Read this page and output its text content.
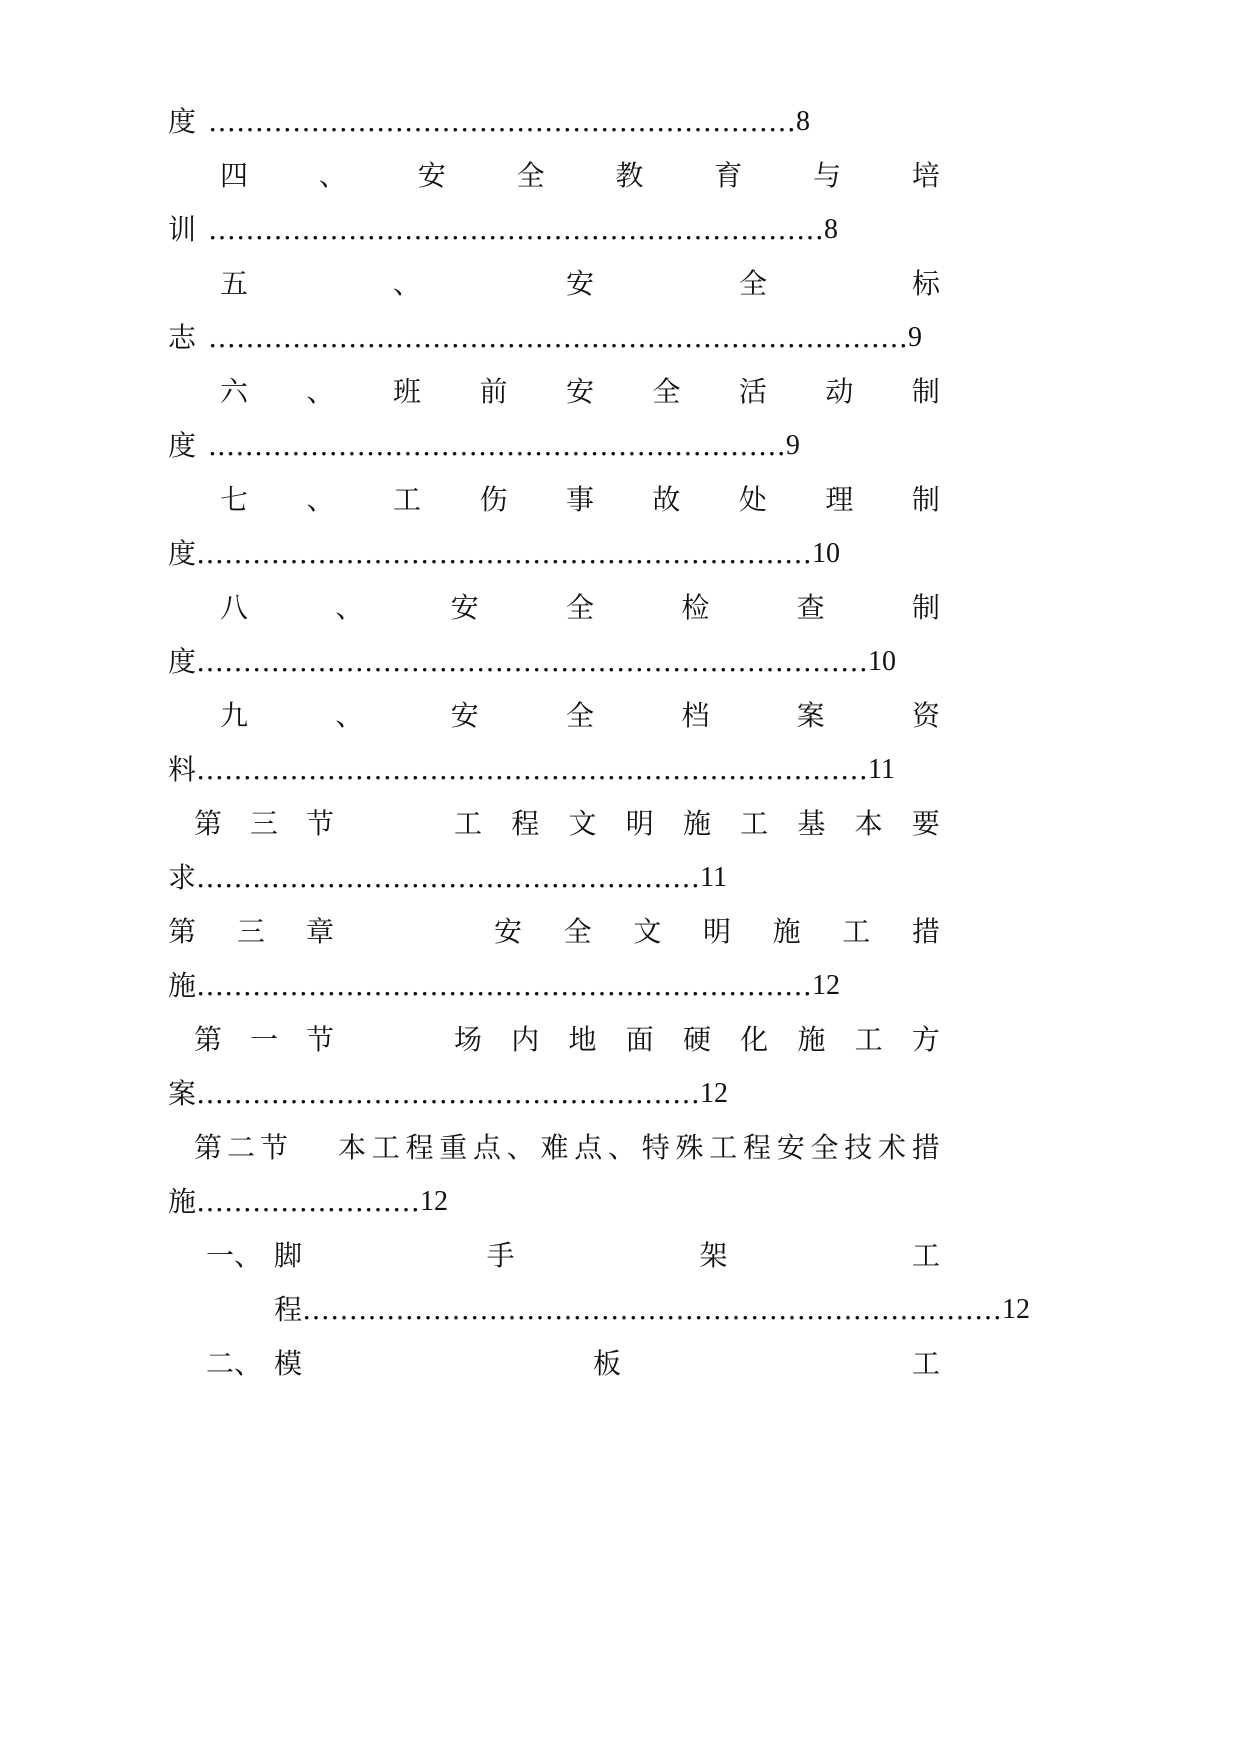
度 ……………………………………………………… 8
四	、	安	全	教	育	与	培
训 ………………………………………………………… 8
五	、	安	全	标
志 ………………………………………………………………… 9
六 、 班 前 安 全 活 动 制
度 ..…………………………………………………… 9
七 、 工 伤 事 故 处 理 制
度 ………………………………………………………… 10
八	、	安	全	检	查	制
度 ……………………………………………………………… 10
九	、	安	全	档	案	资
料 ……………………………………………………………… 11
第 三 节	工 程 文 明 施 工 基 本 要
求 ……………………………………………… 11
第 三 章	安 全 文 明 施 工 措
施 ………………………………………………………… 12
第 一 节	场 内 地 面 硬 化 施 工 方
案 ……………………………………………… 12
第 二 节 本 工 程 重 点 、 难 点 、 特 殊 工 程 安 全 技 术 措
施 …………………… 12
一、 脚	手	架	工
程 ………………………………………………………………… 12
二、 模	板	工
